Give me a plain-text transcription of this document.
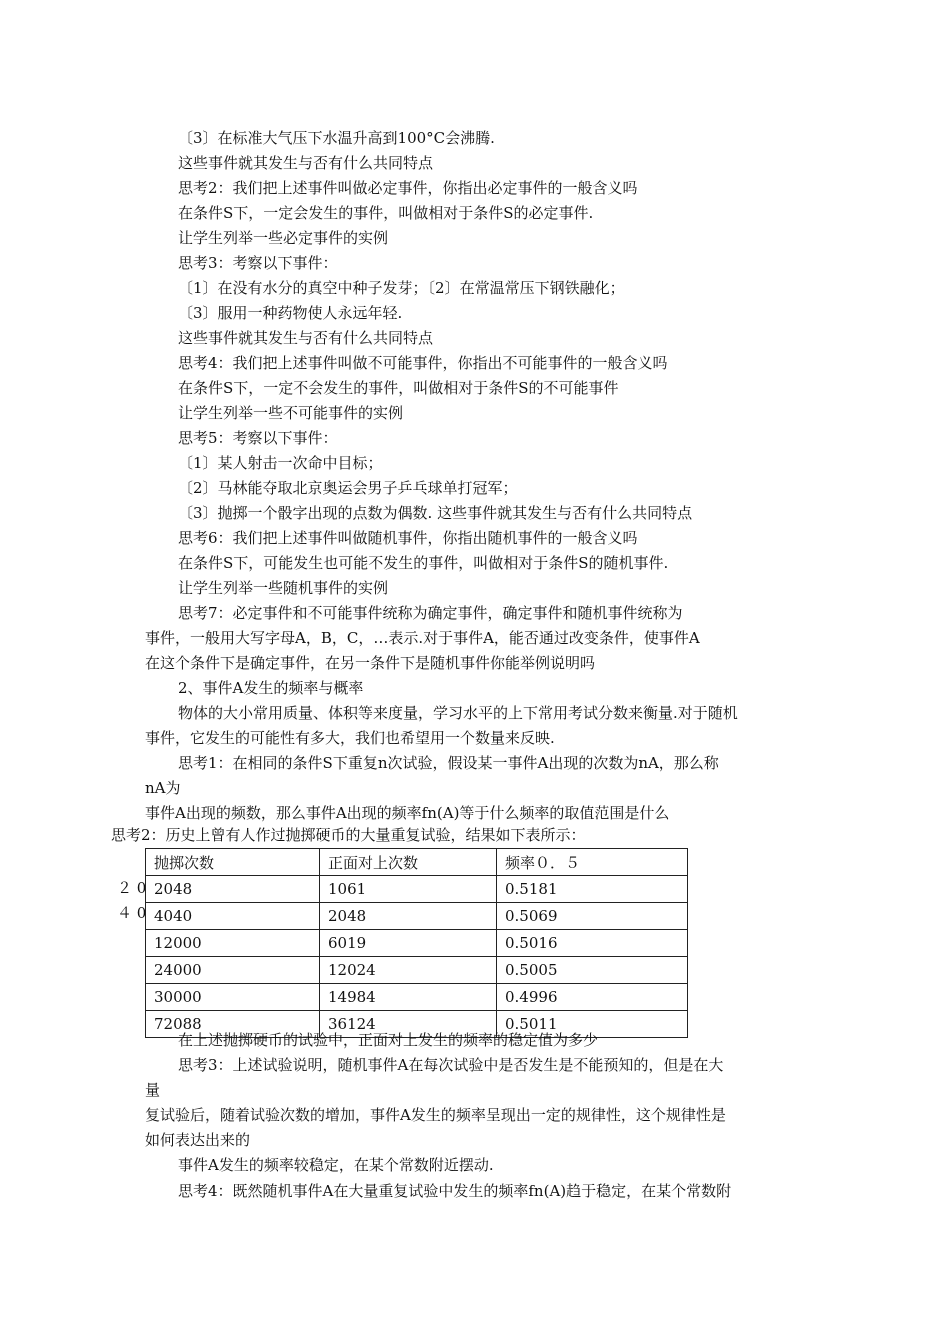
〔3〕在标准大气压下水温升高到100°C会沸腾.
这些事件就其发生与否有什么共同特点
思考2：我们把上述事件叫做必定事件，你指出必定事件的一般含义吗
在条件S下，一定会发生的事件，叫做相对于条件S的必定事件.
让学生列举一些必定事件的实例
思考3：考察以下事件：
〔1〕在没有水分的真空中种子发芽；〔2〕在常温常压下钢铁融化；
〔3〕服用一种药物使人永远年轻.
这些事件就其发生与否有什么共同特点
思考4：我们把上述事件叫做不可能事件，你指出不可能事件的一般含义吗
在条件S下，一定不会发生的事件，叫做相对于条件S的不可能事件
让学生列举一些不可能事件的实例
思考5：考察以下事件：
〔1〕某人射击一次命中目标；
〔2〕马林能夺取北京奥运会男子乒乓球单打冠军；
〔3〕抛掷一个骰字出现的点数为偶数. 这些事件就其发生与否有什么共同特点
思考6：我们把上述事件叫做随机事件，你指出随机事件的一般含义吗
在条件S下，可能发生也可能不发生的事件，叫做相对于条件S的随机事件.
让学生列举一些随机事件的实例
思考7：必定事件和不可能事件统称为确定事件，确定事件和随机事件统称为
事件，一般用大写字母A，B，C，…表示.对于事件A，能否通过改变条件，使事件A
在这个条件下是确定事件，在另一条件下是随机事件你能举例说明吗
2、事件A发生的频率与概率
物体的大小常用质量、体积等来度量，学习水平的上下常用考试分数来衡量.对于随机
事件，它发生的可能性有多大，我们也希望用一个数量来反映.
思考1：在相同的条件S下重复n次试验，假设某一事件A出现的次数为nA，那么称
nA为
事件A出现的频数，那么事件A出现的频率fn(A)等于什么频率的取值范围是什么
思考2：历史上曾有人作过抛掷硬币的大量重复试验，结果如下表所示：
２ 0
４ 0
抛掷次数	正面对上次数	频率０．５
2048	1061	0.5181
4040	2048	0.5069
12000	6019	0.5016
24000	12024	0.5005
30000	14984	0.4996
72088	36124	0.5011
在上述抛掷硬币的试验中，正面对上发生的频率的稳定值为多少
思考3：上述试验说明，随机事件A在每次试验中是否发生是不能预知的，但是在大
量
复试验后，随着试验次数的增加，事件A发生的频率呈现出一定的规律性，这个规律性是
如何表达出来的
事件A发生的频率较稳定，在某个常数附近摆动.
思考4：既然随机事件A在大量重复试验中发生的频率fn(A)趋于稳定，在某个常数附
